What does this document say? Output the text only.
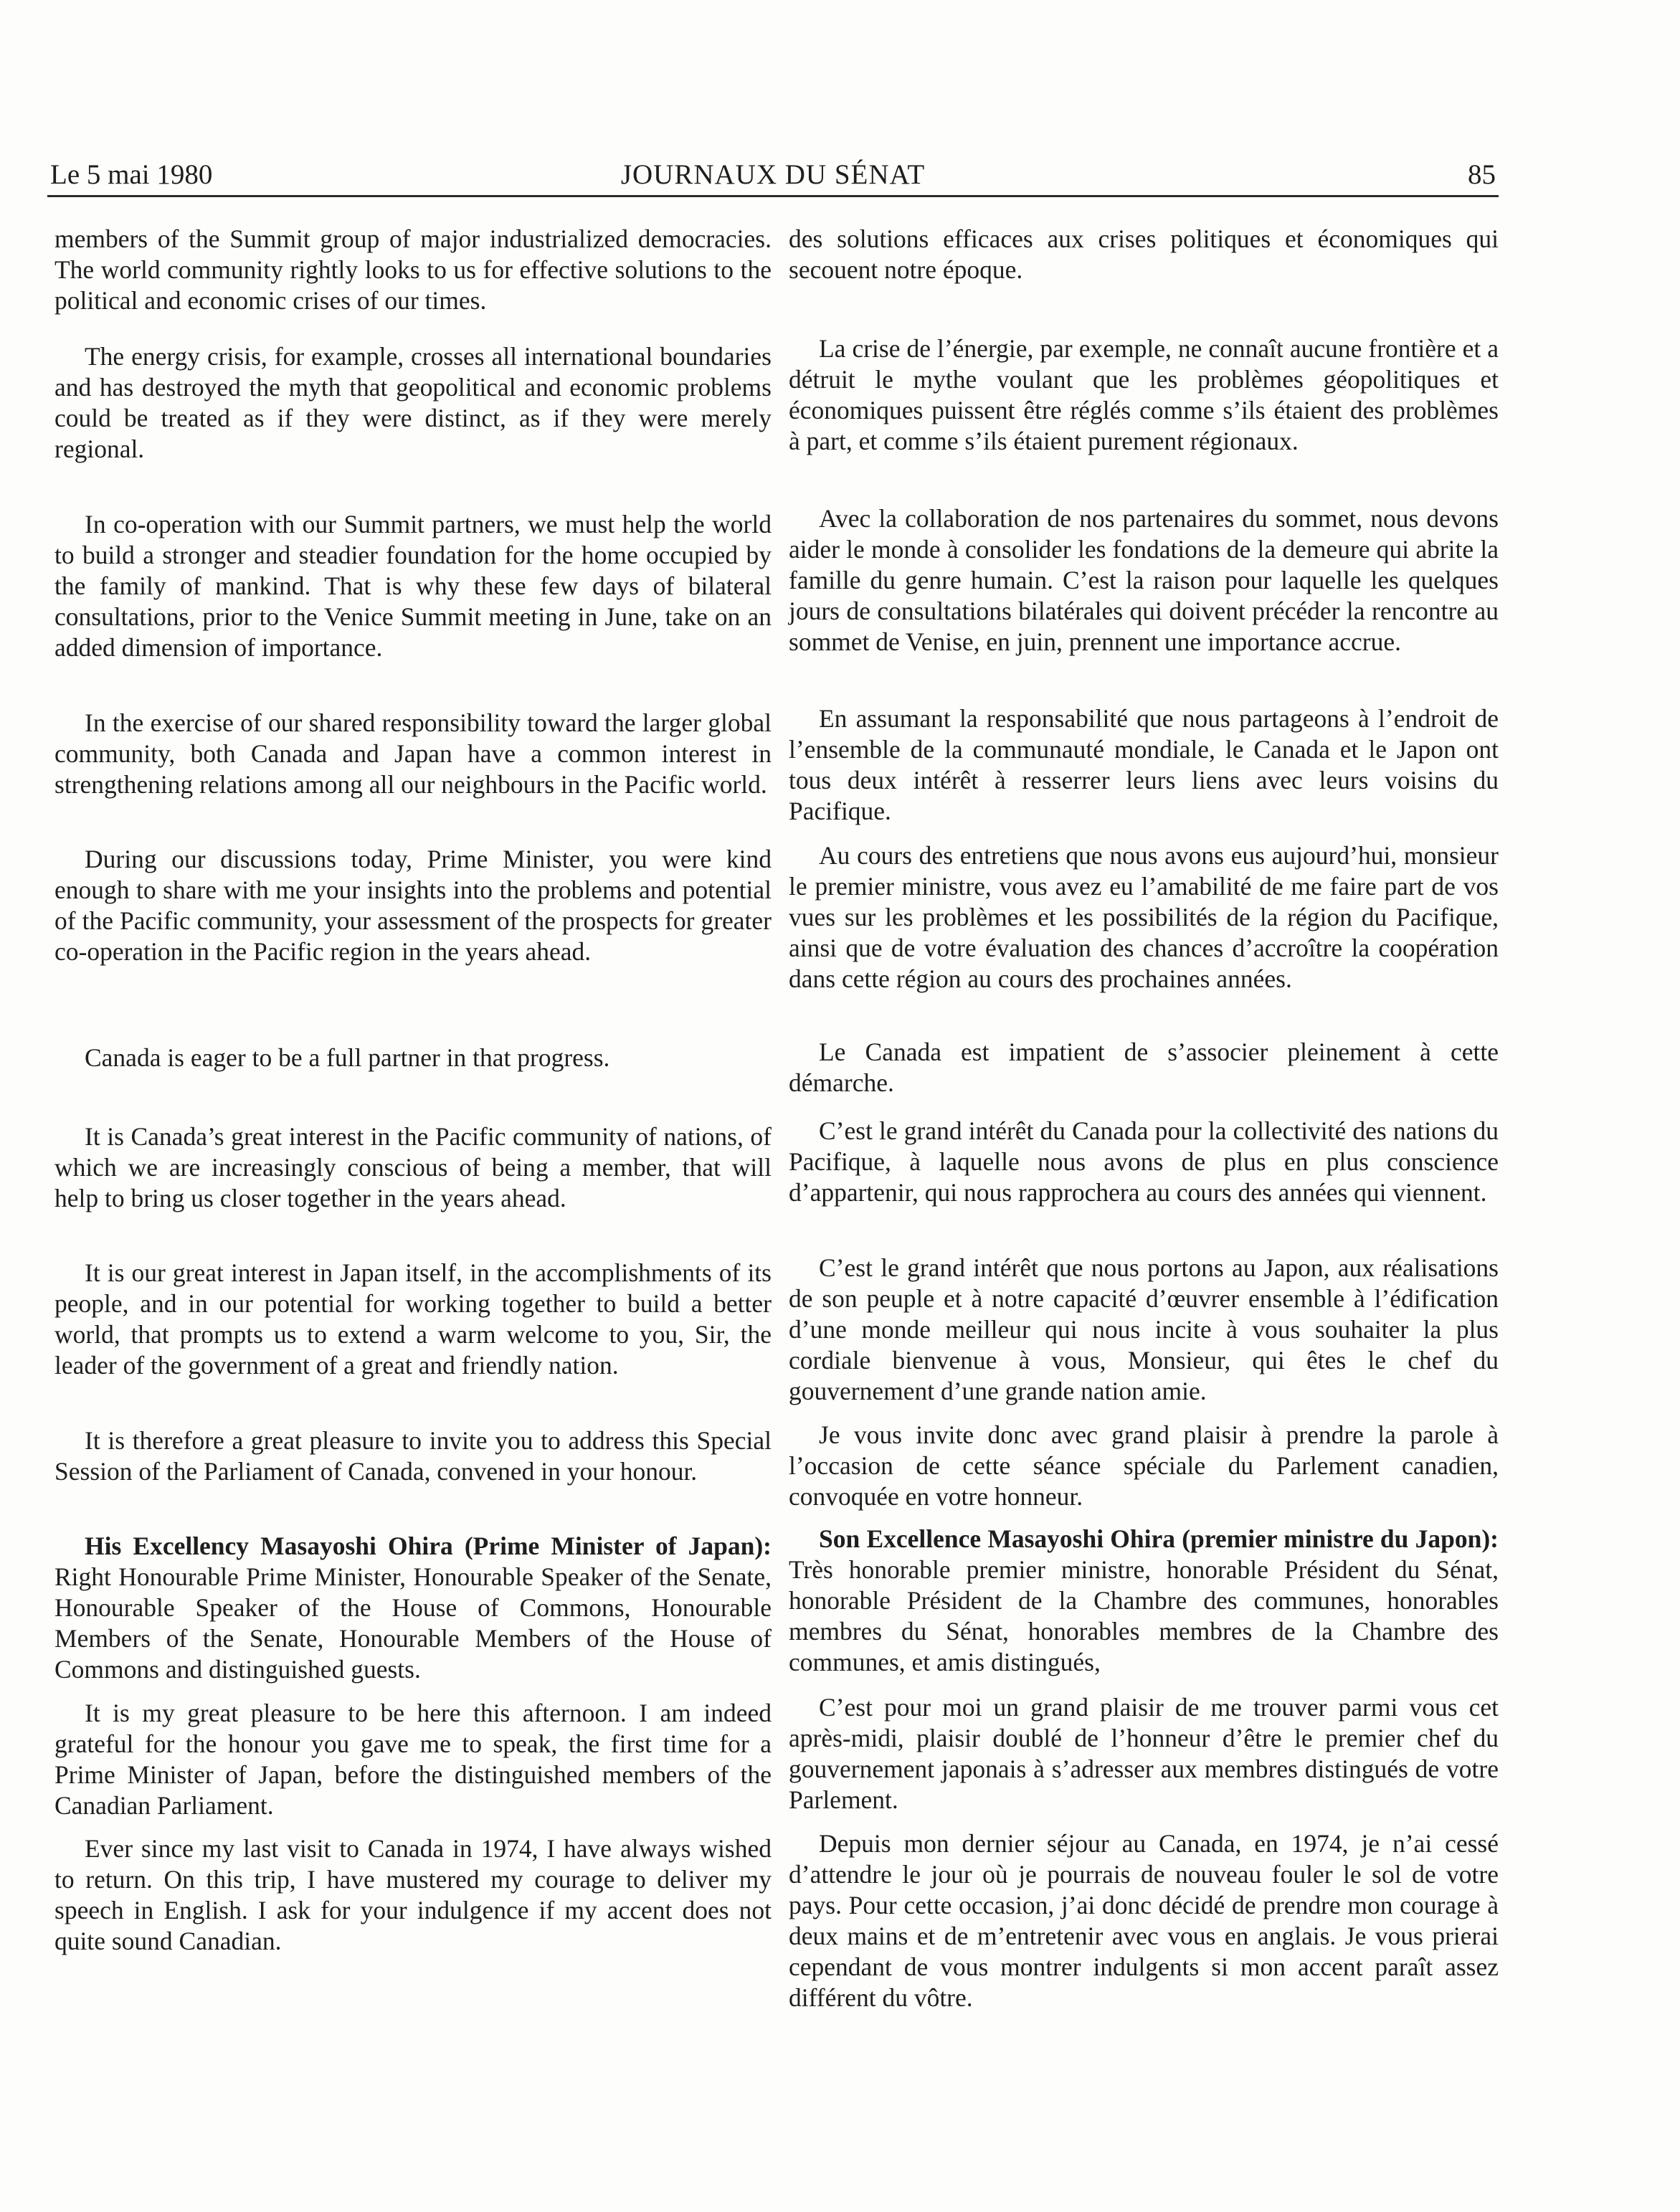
Le 5 mai 1980	JOURNAUX DU SÉNAT	85

members of the Summit group of major industrialized democracies. The world community rightly looks to us for effective solutions to the political and economic crises of our times.

The energy crisis, for example, crosses all international boundaries and has destroyed the myth that geopolitical and economic problems could be treated as if they were distinct, as if they were merely regional.

In co-operation with our Summit partners, we must help the world to build a stronger and steadier foundation for the home occupied by the family of mankind. That is why these few days of bilateral consultations, prior to the Venice Summit meeting in June, take on an added dimension of importance.

In the exercise of our shared responsibility toward the larger global community, both Canada and Japan have a common interest in strengthening relations among all our neighbours in the Pacific world.

During our discussions today, Prime Minister, you were kind enough to share with me your insights into the problems and potential of the Pacific community, your assessment of the prospects for greater co-operation in the Pacific region in the years ahead.

Canada is eager to be a full partner in that progress.

It is Canada’s great interest in the Pacific community of nations, of which we are increasingly conscious of being a member, that will help to bring us closer together in the years ahead.

It is our great interest in Japan itself, in the accomplishments of its people, and in our potential for working together to build a better world, that prompts us to extend a warm welcome to you, Sir, the leader of the government of a great and friendly nation.

It is therefore a great pleasure to invite you to address this Special Session of the Parliament of Canada, convened in your honour.

His Excellency Masayoshi Ohira (Prime Minister of Japan): Right Honourable Prime Minister, Honourable Speaker of the Senate, Honourable Speaker of the House of Commons, Honourable Members of the Senate, Honourable Members of the House of Commons and distinguished guests.

It is my great pleasure to be here this afternoon. I am indeed grateful for the honour you gave me to speak, the first time for a Prime Minister of Japan, before the distinguished members of the Canadian Parliament.

Ever since my last visit to Canada in 1974, I have always wished to return. On this trip, I have mustered my courage to deliver my speech in English. I ask for your indulgence if my accent does not quite sound Canadian.

des solutions efficaces aux crises politiques et économiques qui secouent notre époque.

La crise de l’énergie, par exemple, ne connaît aucune frontière et a détruit le mythe voulant que les problèmes géopolitiques et économiques puissent être réglés comme s’ils étaient des problèmes à part, et comme s’ils étaient purement régionaux.

Avec la collaboration de nos partenaires du sommet, nous devons aider le monde à consolider les fondations de la demeure qui abrite la famille du genre humain. C’est la raison pour laquelle les quelques jours de consultations bilatérales qui doivent précéder la rencontre au sommet de Venise, en juin, prennent une importance accrue.

En assumant la responsabilité que nous partageons à l’endroit de l’ensemble de la communauté mondiale, le Canada et le Japon ont tous deux intérêt à resserrer leurs liens avec leurs voisins du Pacifique.

Au cours des entretiens que nous avons eus aujourd’hui, monsieur le premier ministre, vous avez eu l’amabilité de me faire part de vos vues sur les problèmes et les possibilités de la région du Pacifique, ainsi que de votre évaluation des chances d’accroître la coopération dans cette région au cours des prochaines années.

Le Canada est impatient de s’associer pleinement à cette démarche.

C’est le grand intérêt du Canada pour la collectivité des nations du Pacifique, à laquelle nous avons de plus en plus conscience d’appartenir, qui nous rapprochera au cours des années qui viennent.

C’est le grand intérêt que nous portons au Japon, aux réalisations de son peuple et à notre capacité d’œuvrer ensemble à l’édification d’une monde meilleur qui nous incite à vous souhaiter la plus cordiale bienvenue à vous, Monsieur, qui êtes le chef du gouvernement d’une grande nation amie.

Je vous invite donc avec grand plaisir à prendre la parole à l’occasion de cette séance spéciale du Parlement canadien, convoquée en votre honneur.

Son Excellence Masayoshi Ohira (premier ministre du Japon): Très honorable premier ministre, honorable Président du Sénat, honorable Président de la Chambre des communes, honorables membres du Sénat, honorables membres de la Chambre des communes, et amis distingués,

C’est pour moi un grand plaisir de me trouver parmi vous cet après-midi, plaisir doublé de l’honneur d’être le premier chef du gouvernement japonais à s’adresser aux membres distingués de votre Parlement.

Depuis mon dernier séjour au Canada, en 1974, je n’ai cessé d’attendre le jour où je pourrais de nouveau fouler le sol de votre pays. Pour cette occasion, j’ai donc décidé de prendre mon courage à deux mains et de m’entretenir avec vous en anglais. Je vous prierai cependant de vous montrer indulgents si mon accent paraît assez différent du vôtre.
